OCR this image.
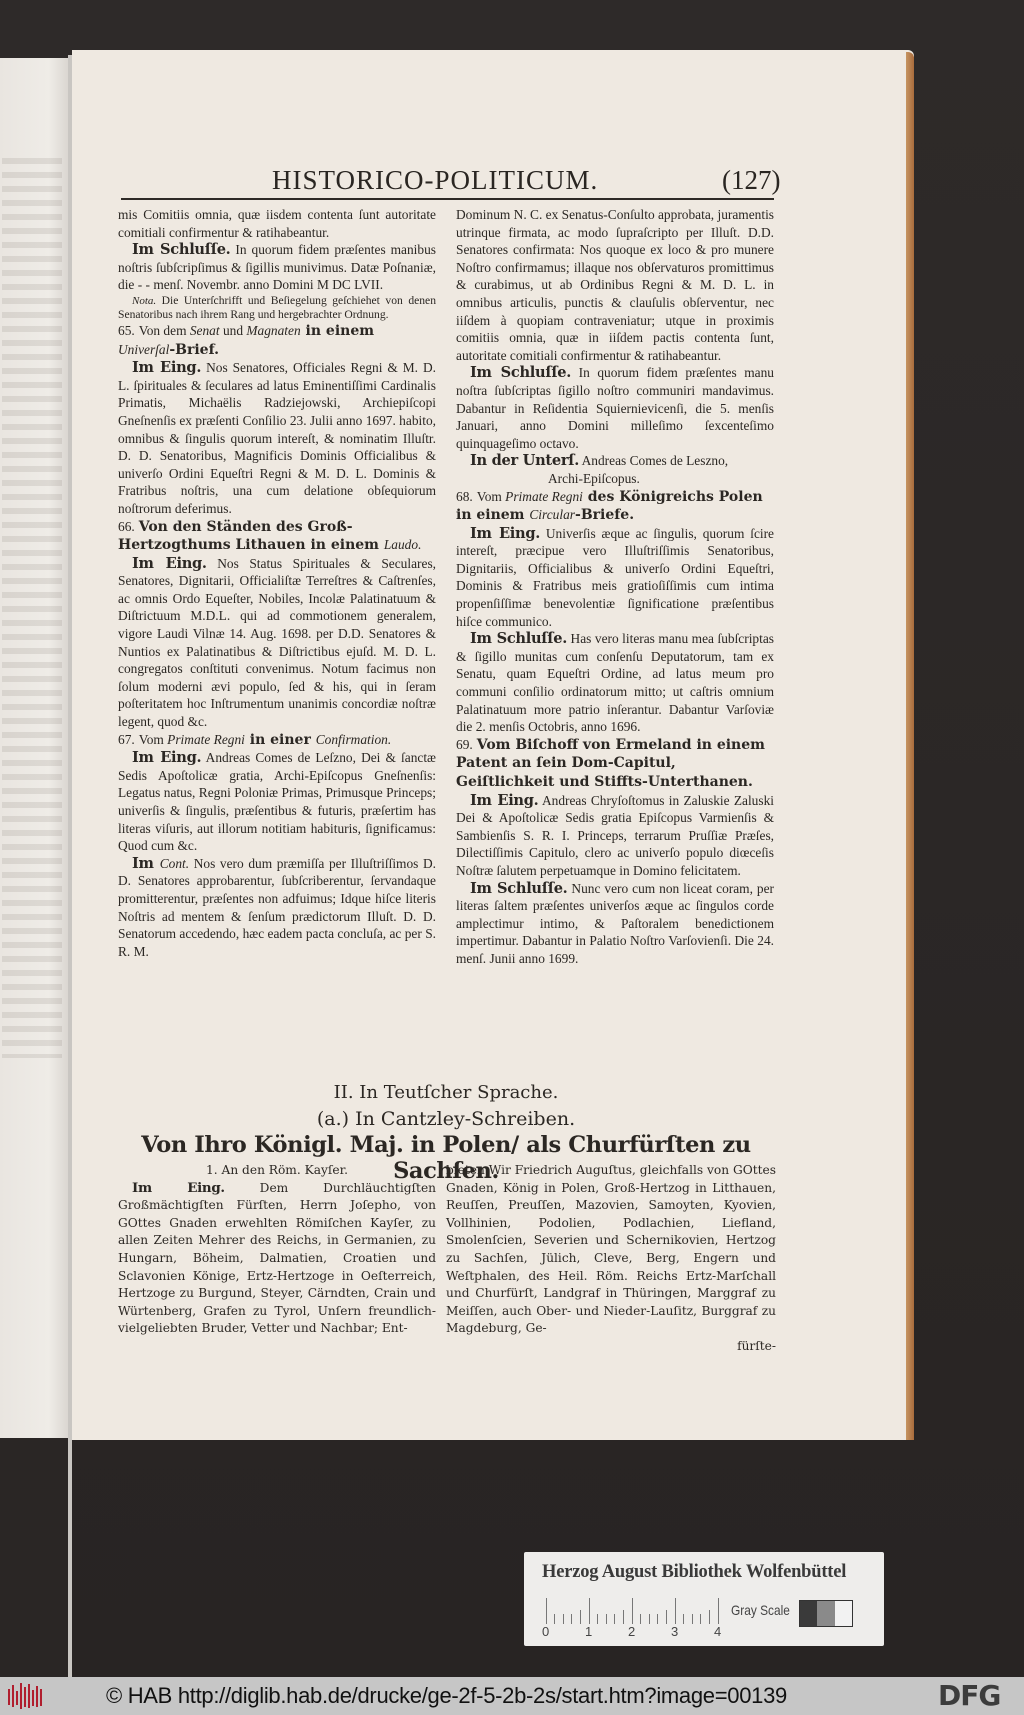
HISTORICO-POLITICUM.	(127)

mis Comitiis omnia, quæ iisdem contenta ſunt autoritate comitiali confirmentur & ratihabeantur.

Im Schluſſe. In quorum fidem præſentes manibus noſtris ſubſcripſimus & ſigillis munivimus. Datæ Poſnaniæ, die - - menſ. Novembr. anno Domini M DC LVII.

Nota. Die Unterſchrifft und Beſiegelung geſchiehet von denen Senatoribus nach ihrem Rang und hergebrachter Ordnung.

65. Von dem Senat und Magnaten in einem Univerſal-Brief.

Im Eing. Nos Senatores, Officiales Regni & M. D. L. ſpirituales & ſeculares ad latus Eminentiſſimi Cardinalis Primatis, Michaëlis Radziejowski, Archiepiſcopi Gneſnenſis ex præſenti Conſilio 23. Julii anno 1697. habito, omnibus & ſingulis quorum intereſt, & nominatim Illuſtr. D. D. Senatoribus, Magnificis Dominis Officialibus & univerſo Ordini Equeſtri Regni & M. D. L. Dominis & Fratribus noſtris, una cum delatione obſequiorum noſtrorum deferimus.

66. Von den Ständen des Groß-Hertzogthums Lithauen in einem Laudo.

Im Eing. Nos Status Spirituales & Seculares, Senatores, Dignitarii, Officialiſtæ Terreſtres & Caſtrenſes, ac omnis Ordo Equeſter, Nobiles, Incolæ Palatinatuum & Diſtrictuum M.D.L. qui ad commotionem generalem, vigore Laudi Vilnæ 14. Aug. 1698. per D.D. Senatores & Nuntios ex Palatinatibus & Diſtrictibus ejuſd. M. D. L. congregatos conſtituti convenimus. Notum facimus non ſolum moderni ævi populo, ſed & his, qui in ſeram poſteritatem hoc Inſtrumentum unanimis concordiæ noſtræ legent, quod &c.

67. Vom Primate Regni in einer Confirmation.

Im Eing. Andreas Comes de Leſzno, Dei & ſanctæ Sedis Apoſtolicæ gratia, Archi-Epiſcopus Gneſnenſis: Legatus natus, Regni Poloniæ Primas, Primusque Princeps; univerſis & ſingulis, præſentibus & futuris, præſertim has literas viſuris, aut illorum notitiam habituris, ſignificamus: Quod cum &c.

Im Cont. Nos vero dum præmiſſa per Illuſtriſſimos D. D. Senatores approbarentur, ſubſcriberentur, ſervandaque promitterentur, præſentes non adfuimus; Idque hiſce literis Noſtris ad mentem & ſenſum prædictorum Illuſt. D. D. Senatorum accedendo, hæc eadem pacta concluſa, ac per S. R. M.

Dominum N. C. ex Senatus-Conſulto approbata, juramentis utrinque firmata, ac modo ſupraſcripto per Illuſt. D.D. Senatores confirmata: Nos quoque ex loco & pro munere Noſtro confirmamus; illaque nos obſervaturos promittimus & curabimus, ut ab Ordinibus Regni & M. D. L. in omnibus articulis, punctis & clauſulis obſerventur, nec iiſdem à quopiam contraveniatur; utque in proximis comitiis omnia, quæ in iiſdem pactis contenta ſunt, autoritate comitiali confirmentur & ratihabeantur.

Im Schluſſe. In quorum fidem præſentes manu noſtra ſubſcriptas ſigillo noſtro communiri mandavimus. Dabantur in Reſidentia Squiernievicenſi, die 5. menſis Januari, anno Domini milleſimo ſexcenteſimo quinquageſimo octavo.

In der Unterſ. Andreas Comes de Leszno,

Archi-Epiſcopus.

68. Vom Primate Regni des Königreichs Polen in einem Circular-Briefe.

Im Eing. Univerſis æque ac ſingulis, quorum ſcire intereſt, præcipue vero Illuſtriſſimis Senatoribus, Dignitariis, Officialibus & univerſo Ordini Equeſtri, Dominis & Fratribus meis gratioſiſſimis cum intima propenſiſſimæ benevolentiæ ſignificatione præſentibus hiſce communico.

Im Schluſſe. Has vero literas manu mea ſubſcriptas & ſigillo munitas cum conſenſu Deputatorum, tam ex Senatu, quam Equeſtri Ordine, ad latus meum pro communi conſilio ordinatorum mitto; ut caſtris omnium Palatinatuum more patrio inſerantur. Dabantur Varſoviæ die 2. menſis Octobris, anno 1696.

69. Vom Biſchoff von Ermeland in einem Patent an ſein Dom-Capitul, Geiſtlichkeit und Stiffts-Unterthanen.

Im Eing. Andreas Chryſoſtomus in Zaluskie Zaluski Dei & Apoſtolicæ Sedis gratia Epiſcopus Varmienſis & Sambienſis S. R. I. Princeps, terrarum Pruſſiæ Præſes, Dilectiſſimis Capitulo, clero ac univerſo populo diœceſis Noſtræ ſalutem perpetuamque in Domino felicitatem.

Im Schluſſe. Nunc vero cum non liceat coram, per literas ſaltem præſentes univerſos æque ac ſingulos corde amplectimur intimo, & Paſtoralem benedictionem impertimur. Dabantur in Palatio Noſtro Varſovienſi. Die 24. menſ. Junii anno 1699.

II. In Teutſcher Sprache.
(a.) In Cantzley-Schreiben.
Von Ihro Königl. Maj. in Polen/ als Churfürſten zu Sachſen.

1. An den Röm. Kayſer.

Im Eing. Dem Durchläuchtigſten Großmächtigſten Fürſten, Herrn Joſepho, von GOttes Gnaden erwehlten Römiſchen Kayſer, zu allen Zeiten Mehrer des Reichs, in Germanien, zu Hungarn, Böheim, Dalmatien, Croatien und Sclavonien Könige, Ertz-Hertzoge in Oeſterreich, Hertzoge zu Burgund, Steyer, Cärndten, Crain und Würtenberg, Grafen zu Tyrol, Unſern freundlich-vielgeliebten Bruder, Vetter und Nachbar; Ent-

bieten Wir Friedrich Auguſtus, gleichfalls von GOttes Gnaden, König in Polen, Groß-Hertzog in Litthauen, Reuſſen, Preuſſen, Mazovien, Samoyten, Kyovien, Vollhinien, Podolien, Podlachien, Liefland, Smolenſcien, Severien und Schernikovien, Hertzog zu Sachſen, Jülich, Cleve, Berg, Engern und Weſtphalen, des Heil. Röm. Reichs Ertz-Marſchall und Churfürſt, Landgraf in Thüringen, Marggraf zu Meiſſen, auch Ober- und Nieder-Lauſitz, Burggraf zu Magdeburg, Ge-

fürſte-

Herzog August Bibliothek Wolfenbüttel
0	1	2	3	4
Gray Scale
© HAB http://diglib.hab.de/drucke/ge-2f-5-2b-2s/start.htm?image=00139	DFG
